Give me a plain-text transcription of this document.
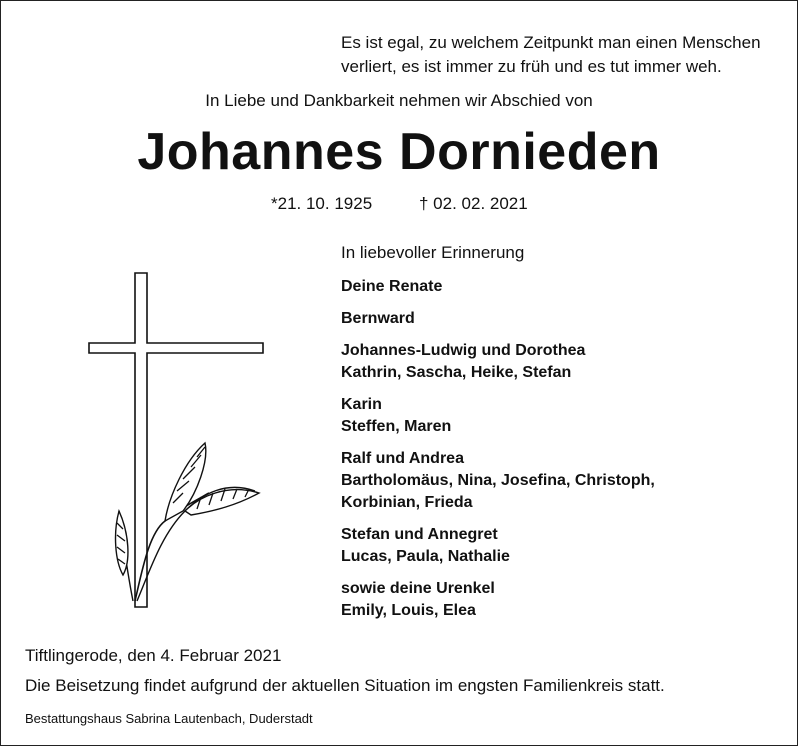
Es ist egal, zu welchem Zeitpunkt man einen Menschen
verliert, es ist immer zu früh und es tut immer weh.
In Liebe und Dankbarkeit nehmen wir Abschied von
Johannes Dornieden
*21. 10. 1925	† 02. 02. 2021
In liebevoller Erinnerung
Deine Renate
Bernward
Johannes-Ludwig und Dorothea
Kathrin, Sascha, Heike, Stefan
Karin
Steffen, Maren
Ralf und Andrea
Bartholomäus, Nina, Josefina, Christoph,
Korbinian, Frieda
Stefan und Annegret
Lucas, Paula, Nathalie
sowie deine Urenkel
Emily, Louis, Elea
Tiftlingerode, den 4. Februar 2021
Die Beisetzung findet aufgrund der aktuellen Situation im engsten Familienkreis statt.
Bestattungshaus Sabrina Lautenbach, Duderstadt
